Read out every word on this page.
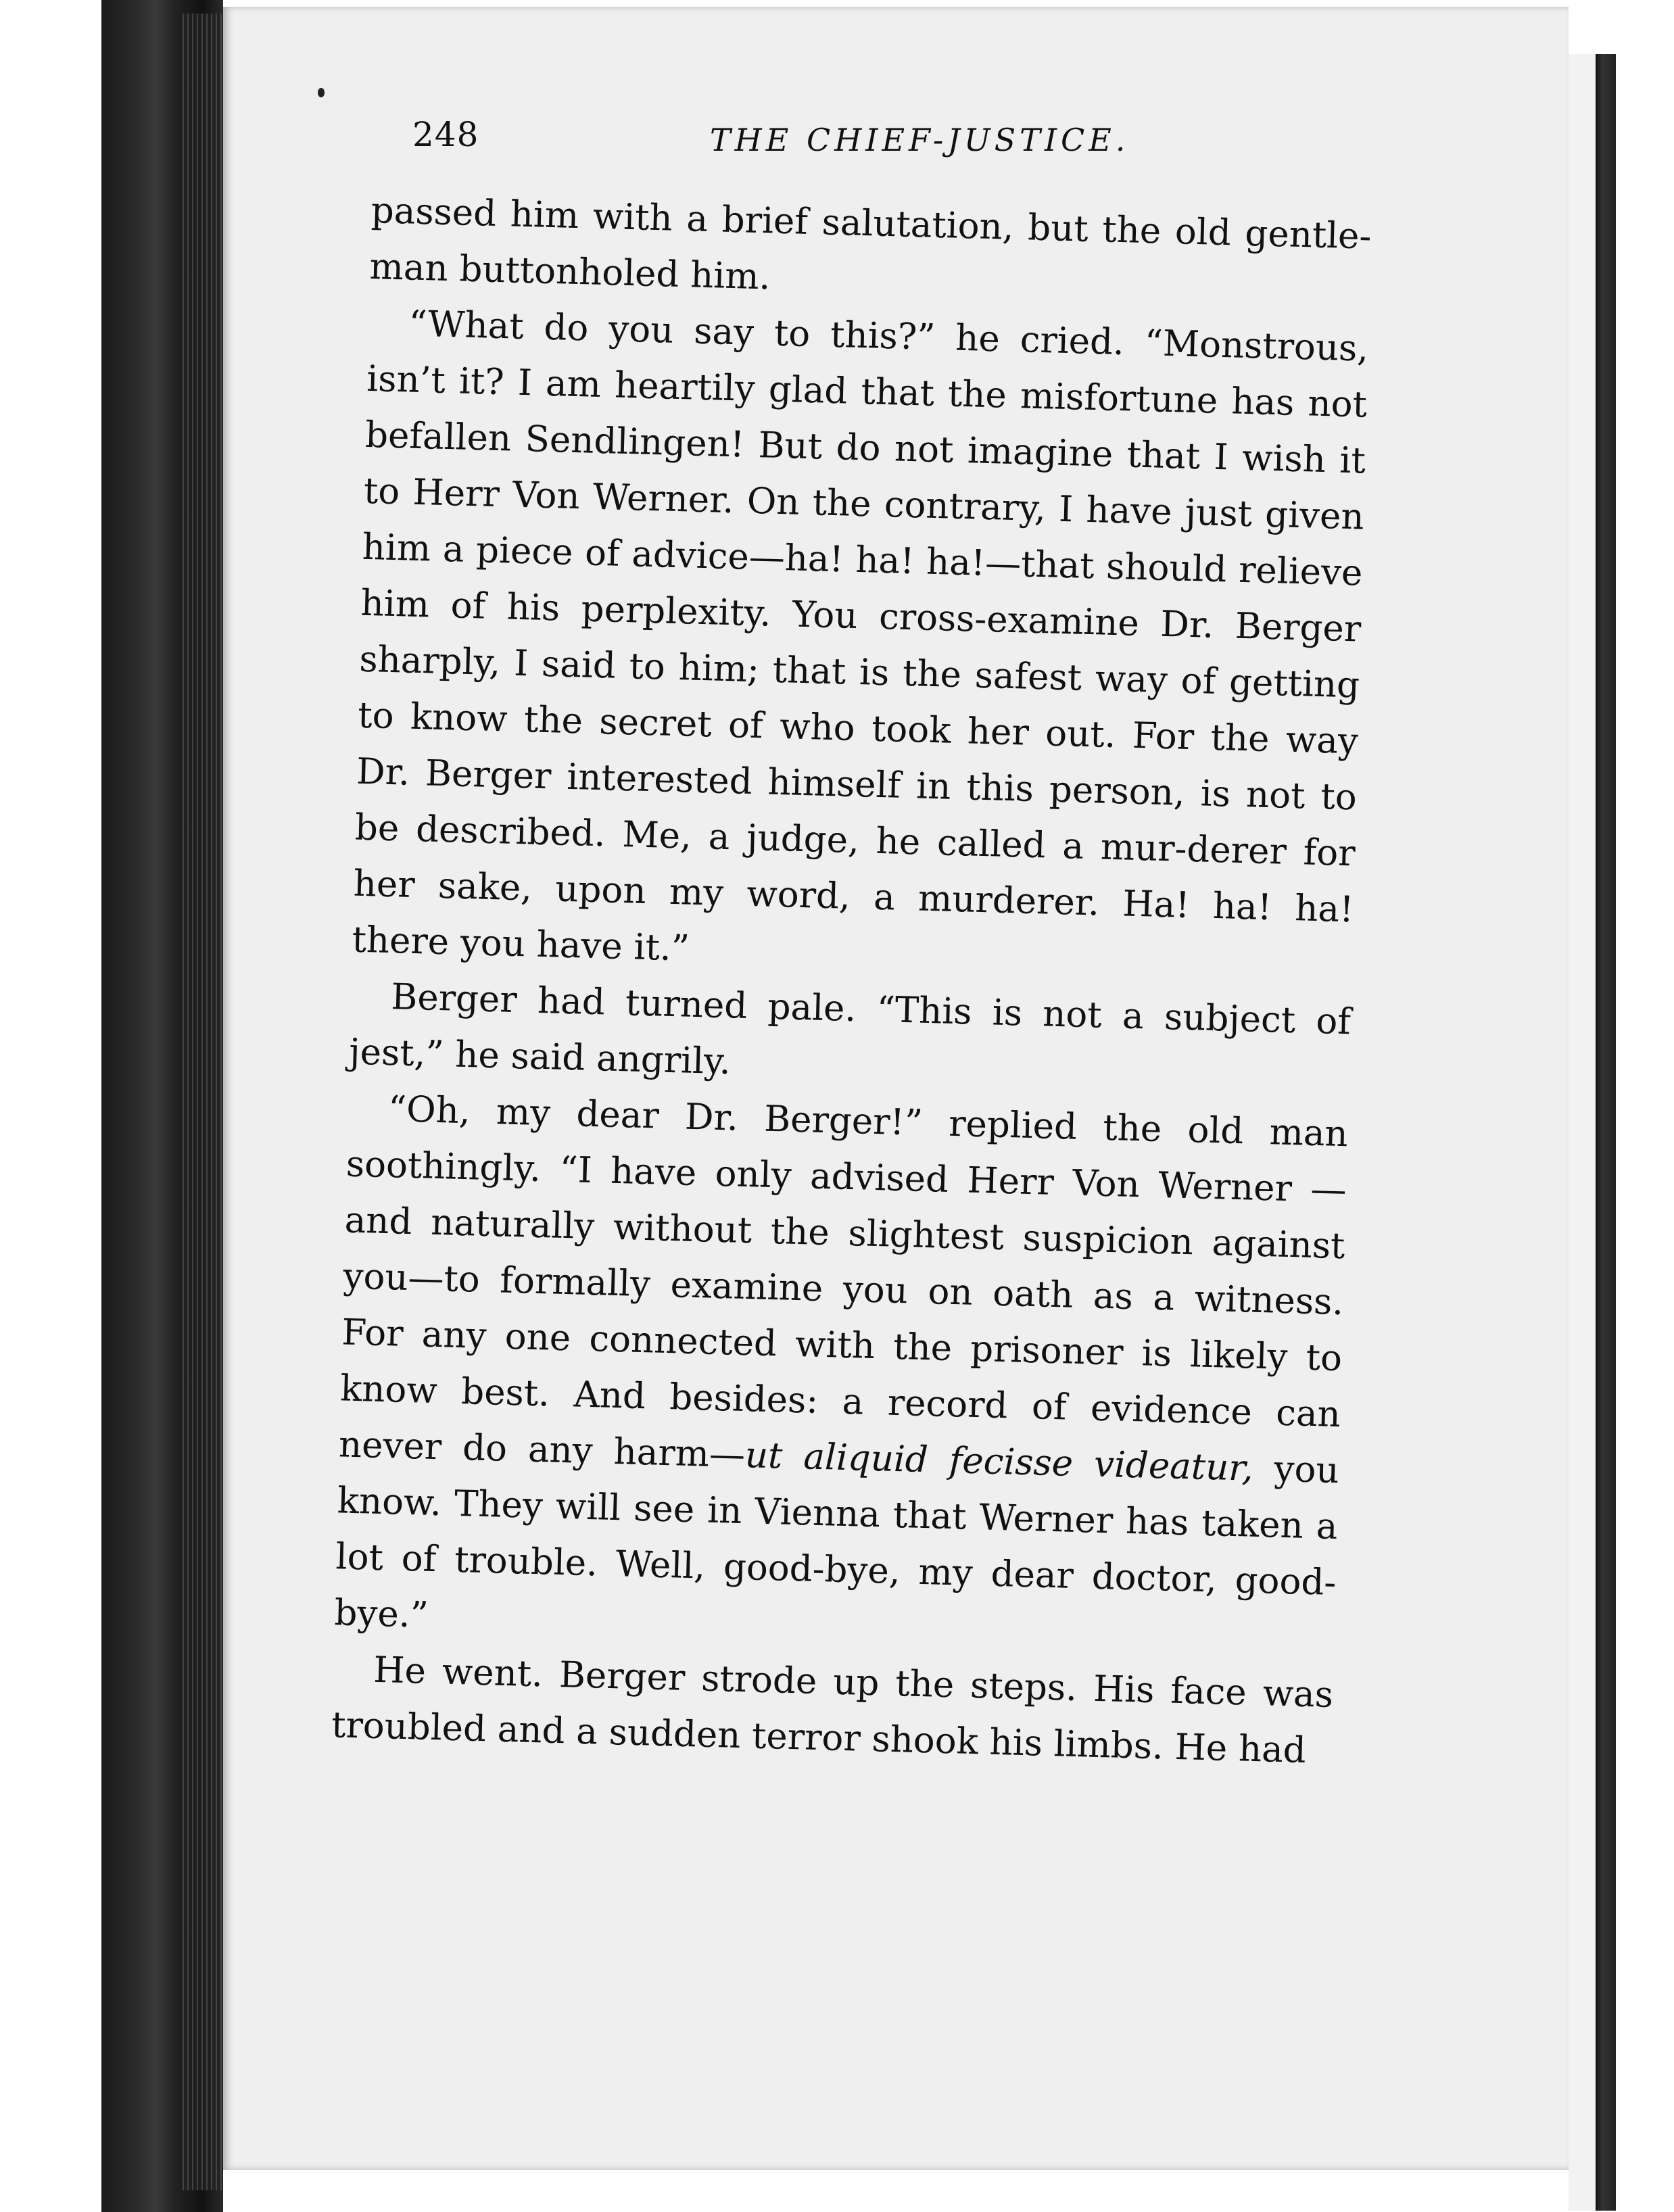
248	THE CHIEF-JUSTICE.

passed him with a brief salutation, but the old gentle-man buttonholed him.

“What do you say to this?” he cried. “Monstrous, isn’t it? I am heartily glad that the misfortune has not befallen Sendlingen! But do not imagine that I wish it to Herr Von Werner. On the contrary, I have just given him a piece of advice—ha! ha! ha!—that should relieve him of his perplexity. You cross-examine Dr. Berger sharply, I said to him; that is the safest way of getting to know the secret of who took her out. For the way Dr. Berger interested himself in this person, is not to be described. Me, a judge, he called a mur-derer for her sake, upon my word, a murderer. Ha! ha! ha! there you have it.”

Berger had turned pale. “This is not a subject of jest,” he said angrily.

“Oh, my dear Dr. Berger!” replied the old man soothingly. “I have only advised Herr Von Werner —and naturally without the slightest suspicion against you—to formally examine you on oath as a witness. For any one connected with the prisoner is likely to know best. And besides: a record of evidence can never do any harm—ut aliquid fecisse videatur, you know. They will see in Vienna that Werner has taken a lot of trouble. Well, good-bye, my dear doctor, good-bye.”

He went. Berger strode up the steps. His face was troubled and a sudden terror shook his limbs. He had
